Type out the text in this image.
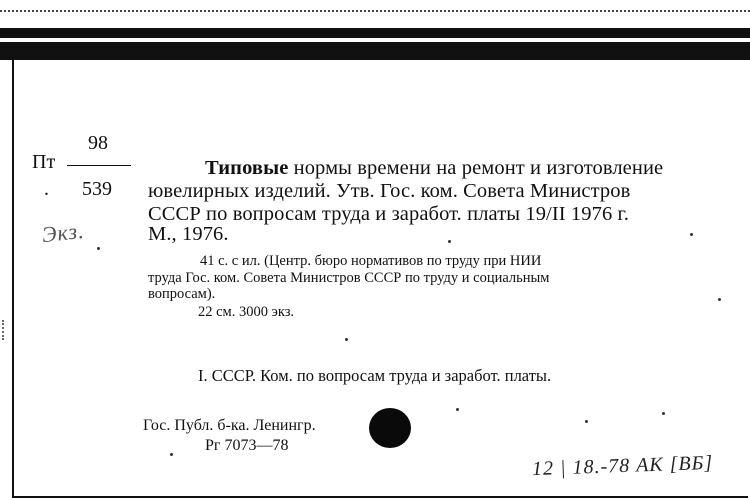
98
Пт
. 539
Экз.
Типовые нормы времени на ремонт и изготовление
ювелирных изделий. Утв. Гос. ком. Совета Министров
СССР по вопросам труда и заработ. платы 19/II 1976 г.
М., 1976.
41 с. с ил. (Центр. бюро нормативов по труду при НИИ
труда Гос. ком. Совета Министров СССР по труду и социальным
вопросам).
22 см. 3000 экз.
I. СССР. Ком. по вопросам труда и заработ. платы.
Гос. Публ. б-ка. Ленингр.
Рг 7073—78
12 | 18.-78 АК [ВБ]
